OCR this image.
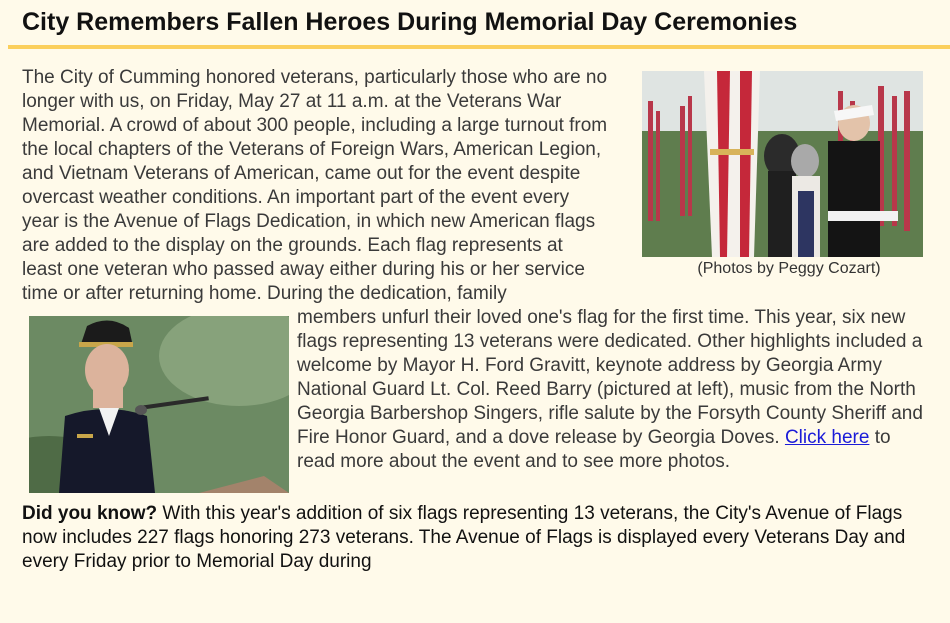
City Remembers Fallen Heroes During Memorial Day Ceremonies
(Photos by Peggy Cozart)

The City of Cumming honored veterans, particularly those who are no longer with us, on Friday, May 27 at 11 a.m. at the Veterans War Memorial. A crowd of about 300 people, including a large turnout from the local chapters of the Veterans of Foreign Wars, American Legion, and Vietnam Veterans of American, came out for the event despite overcast weather conditions. An important part of the event every year is the Avenue of Flags Dedication, in which new American flags are added to the display on the grounds. Each flag represents at least one veteran who passed away either during his or her service time or after returning home. During the dedication, family

members unfurl their loved one's flag for the first time. This year, six new flags representing 13 veterans were dedicated. Other highlights included a welcome by Mayor H. Ford Gravitt, keynote address by Georgia Army National Guard Lt. Col. Reed Barry (pictured at left), music from the North Georgia Barbershop Singers, rifle salute by the Forsyth County Sheriff and Fire Honor Guard, and a dove release by Georgia Doves. Click here to read more about the event and to see more photos.

Did you know? With this year's addition of six flags representing 13 veterans, the City's Avenue of Flags now includes 227 flags honoring 273 veterans. The Avenue of Flags is displayed every Veterans Day and every Friday prior to Memorial Day during
